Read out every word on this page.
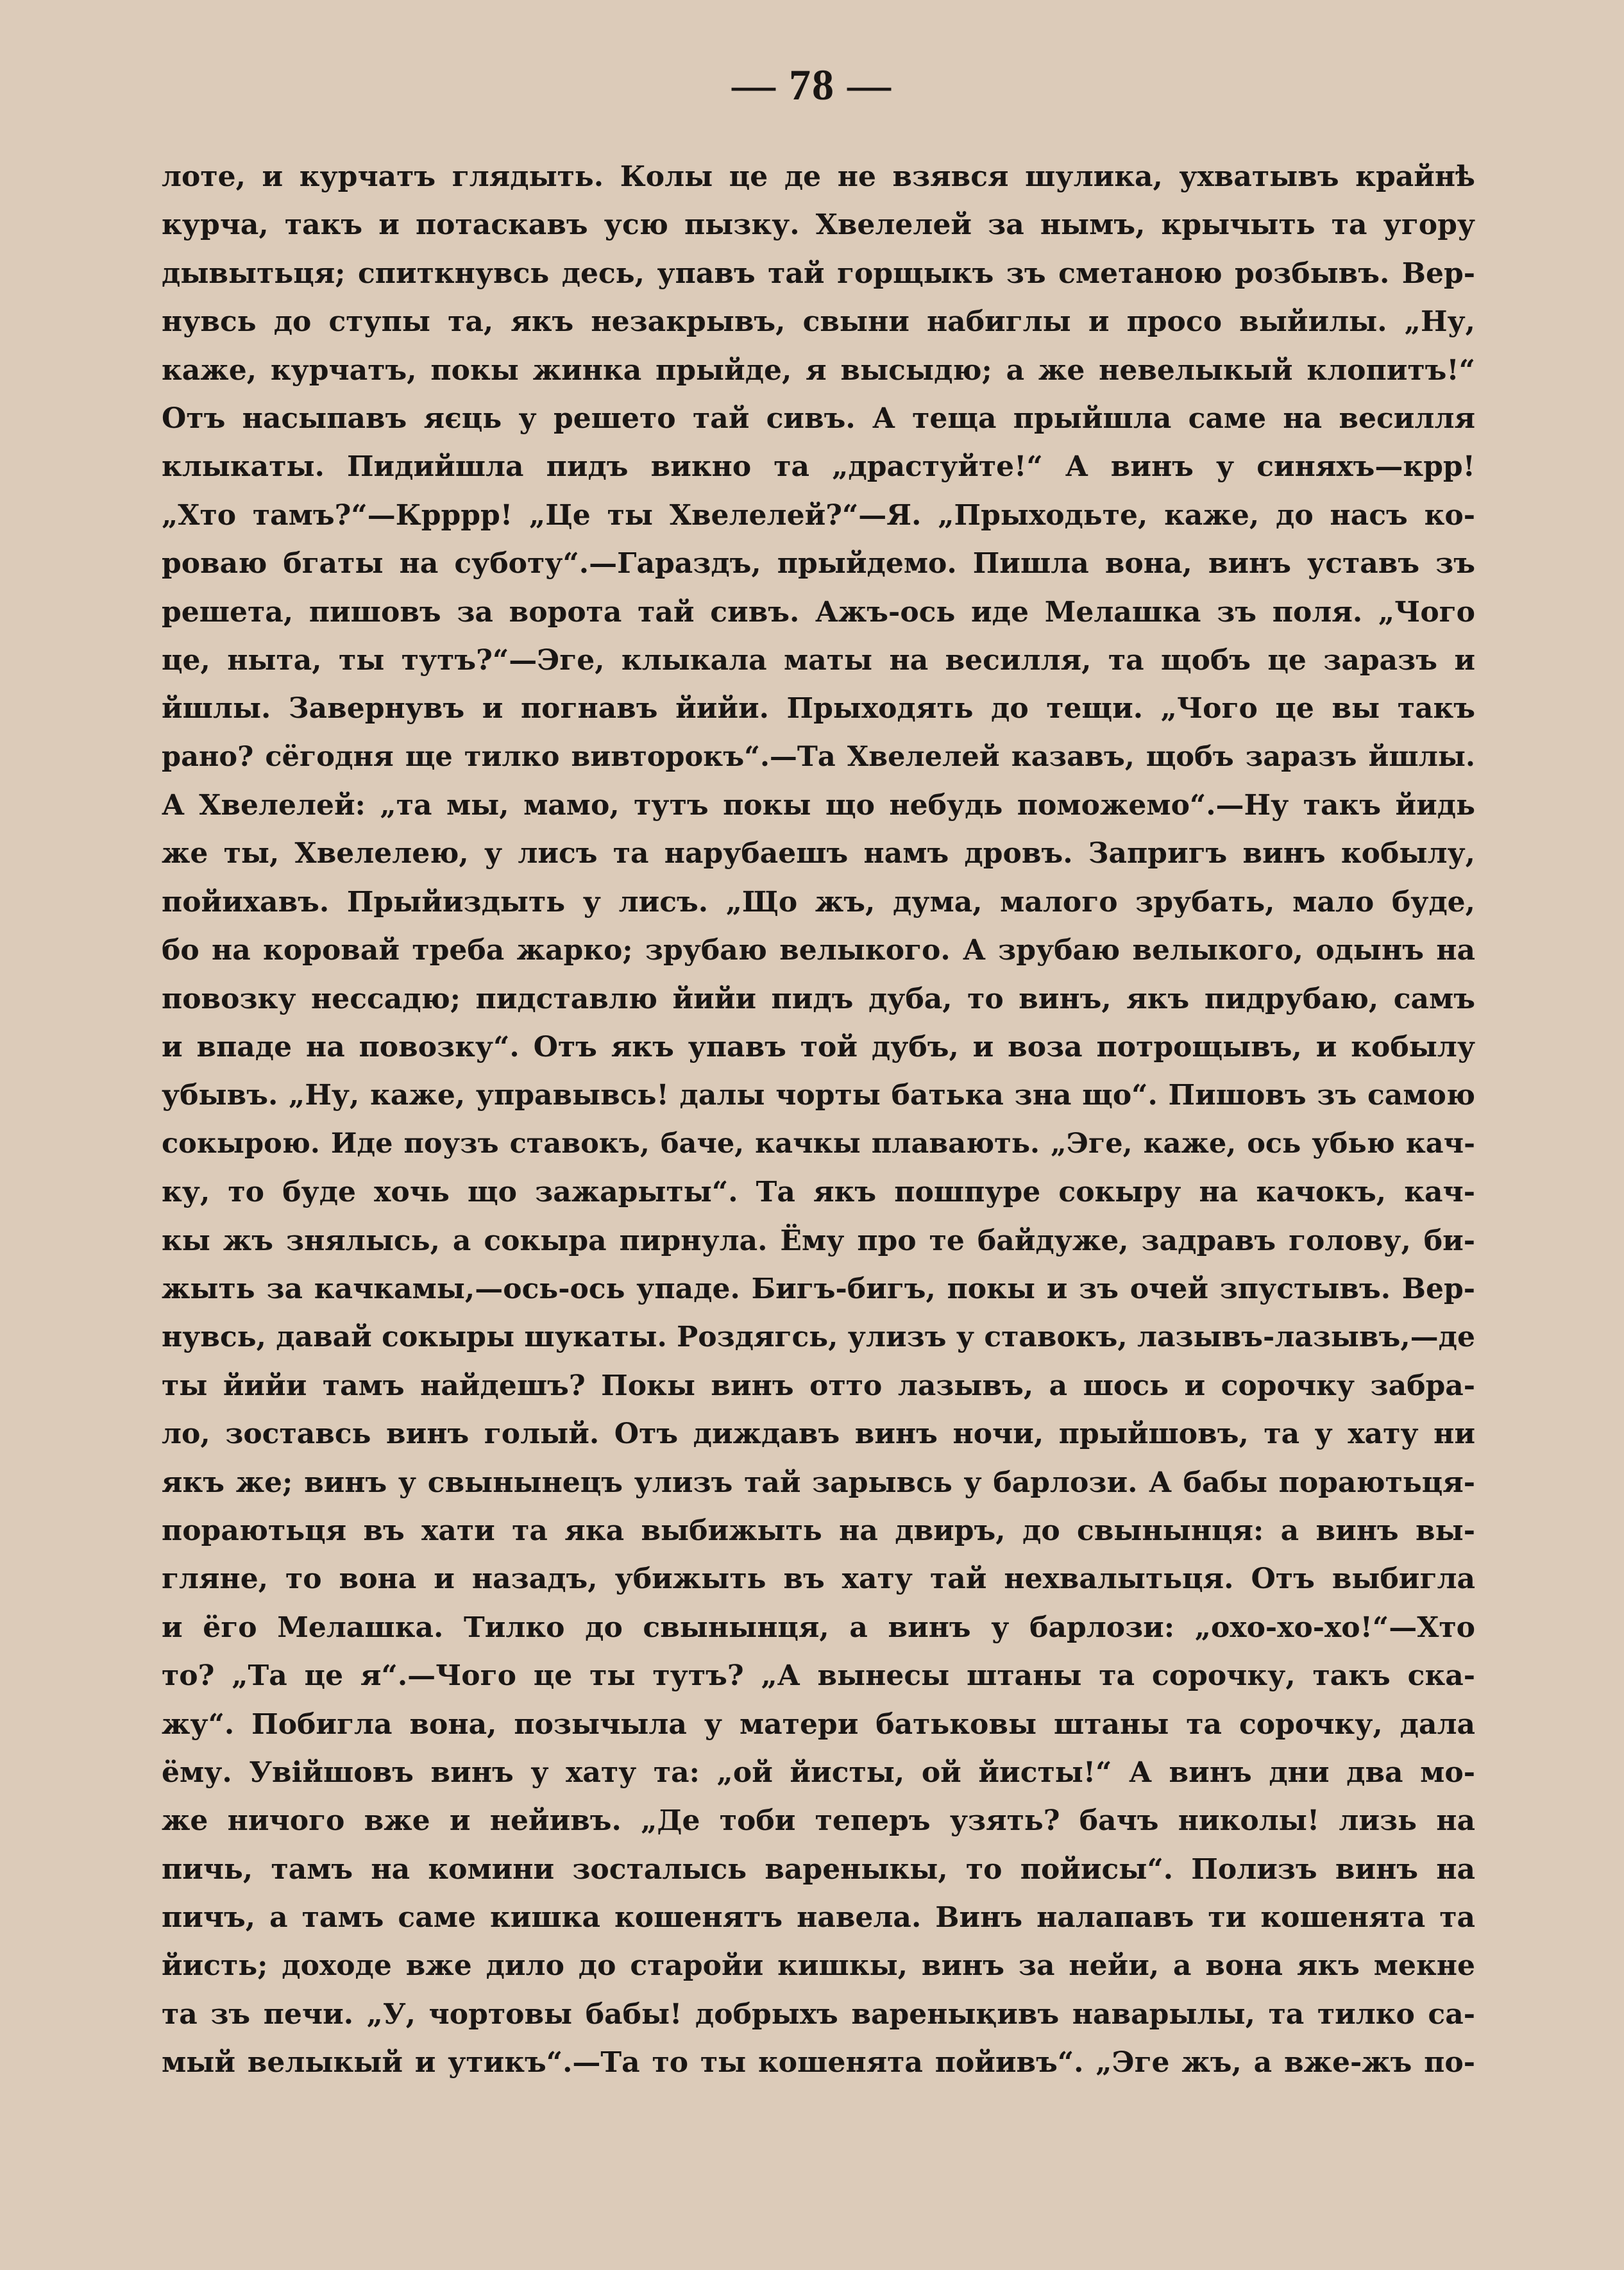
— 78 —
лоте, и курчатъ глядыть. Колы це де не взявся шулика, ухватывъ крайнѣ
курча, такъ и потаскавъ усю пызку. Хвелелей за нымъ, крычыть та угору
дывытьця; спиткнувсь десь, упавъ тай горщыкъ зъ сметаною розбывъ. Вер-
нувсь до ступы та, якъ незакрывъ, свыни набиглы и просо выйилы. „Ну,
каже, курчатъ, покы жинка прыйде, я высыдю; а же невелыкый клопитъ!“
Отъ насыпавъ яєць у решето тай сивъ. А теща прыйшла саме на весилля
клыкаты. Пидийшла пидъ викно та „драстуйте!“ А винъ у синяхъ—крр!
„Хто тамъ?“—Крррр! „Це ты Хвелелей?“—Я. „Прыходьте, каже, до насъ ко-
роваю бгаты на суботу“.—Гараздъ, прыйдемо. Пишла вона, винъ уставъ зъ
решета, пишовъ за ворота тай сивъ. Ажъ-ось иде Мелашка зъ поля. „Чого
це, ныта, ты тутъ?“—Эге, клыкала маты на весилля, та щобъ це заразъ и
йшлы. Завернувъ и погнавъ йийи. Прыходять до тещи. „Чого це вы такъ
рано? сёгодня ще тилко вивторокъ“.—Та Хвелелей казавъ, щобъ заразъ йшлы.
А Хвелелей: „та мы, мамо, тутъ покы що небудь поможемо“.—Ну такъ йидь
же ты, Хвелелею, у лисъ та нарубаешъ намъ дровъ. Запригъ винъ кобылу,
пойихавъ. Прыйиздыть у лисъ. „Що жъ, дума, малого зрубать, мало буде,
бо на коровай треба жарко; зрубаю велыкого. А зрубаю велыкого, одынъ на
повозку нессадю; пидставлю йийи пидъ дуба, то винъ, якъ пидрубаю, самъ
и впаде на повозку“. Отъ якъ упавъ той дубъ, и воза потрощывъ, и кобылу
убывъ. „Ну, каже, управывсь! далы чорты батька зна що“. Пишовъ зъ самою
сокырою. Иде поузъ ставокъ, баче, качкы плавають. „Эге, каже, ось убью кач-
ку, то буде хочь що зажарыты“. Та якъ пошпуре сокыру на качокъ, кач-
кы жъ знялысь, а сокыра пирнула. Ёму про те байдуже, задравъ голову, би-
жыть за качкамы,—ось-ось упаде. Бигъ-бигъ, покы и зъ очей зпустывъ. Вер-
нувсь, давай сокыры шукаты. Роздягсь, улизъ у ставокъ, лазывъ-лазывъ,—де
ты йийи тамъ найдешъ? Покы винъ отто лазывъ, а шось и сорочку забра-
ло, зоставсь винъ голый. Отъ диждавъ винъ ночи, прыйшовъ, та у хату ни
якъ же; винъ у свынынецъ улизъ тай зарывсь у барлози. А бабы пораютьця-
пораютьця въ хати та яка выбижыть на двиръ, до свынынця: а винъ вы-
гляне, то вона и назадъ, убижыть въ хату тай нехвалытьця. Отъ выбигла
и ёго Мелашка. Тилко до свынынця, а винъ у барлози: „охо-хо-хо!“—Хто
то? „Та це я“.—Чого це ты тутъ? „А вынесы штаны та сорочку, такъ ска-
жу“. Побигла вона, позычыла у матери батьковы штаны та сорочку, дала
ёму. Увійшовъ винъ у хату та: „ой йисты, ой йисты!“ А винъ дни два мо-
же ничого вже и нейивъ. „Де тоби теперъ узять? бачъ николы! лизь на
пичь, тамъ на комини зосталысь вареныкы, то пойисы“. Полизъ винъ на
пичъ, а тамъ саме кишка кошенятъ навела. Винъ налапавъ ти кошенята та
йисть; доходе вже дило до старойи кишкы, винъ за нейи, а вона якъ мекне
та зъ печи. „У, чортовы бабы! добрыхъ варенықивъ наварылы, та тилко са-
мый велыкый и утикъ“.—Та то ты кошенята пойивъ“. „Эге жъ, а вже-жъ по-
